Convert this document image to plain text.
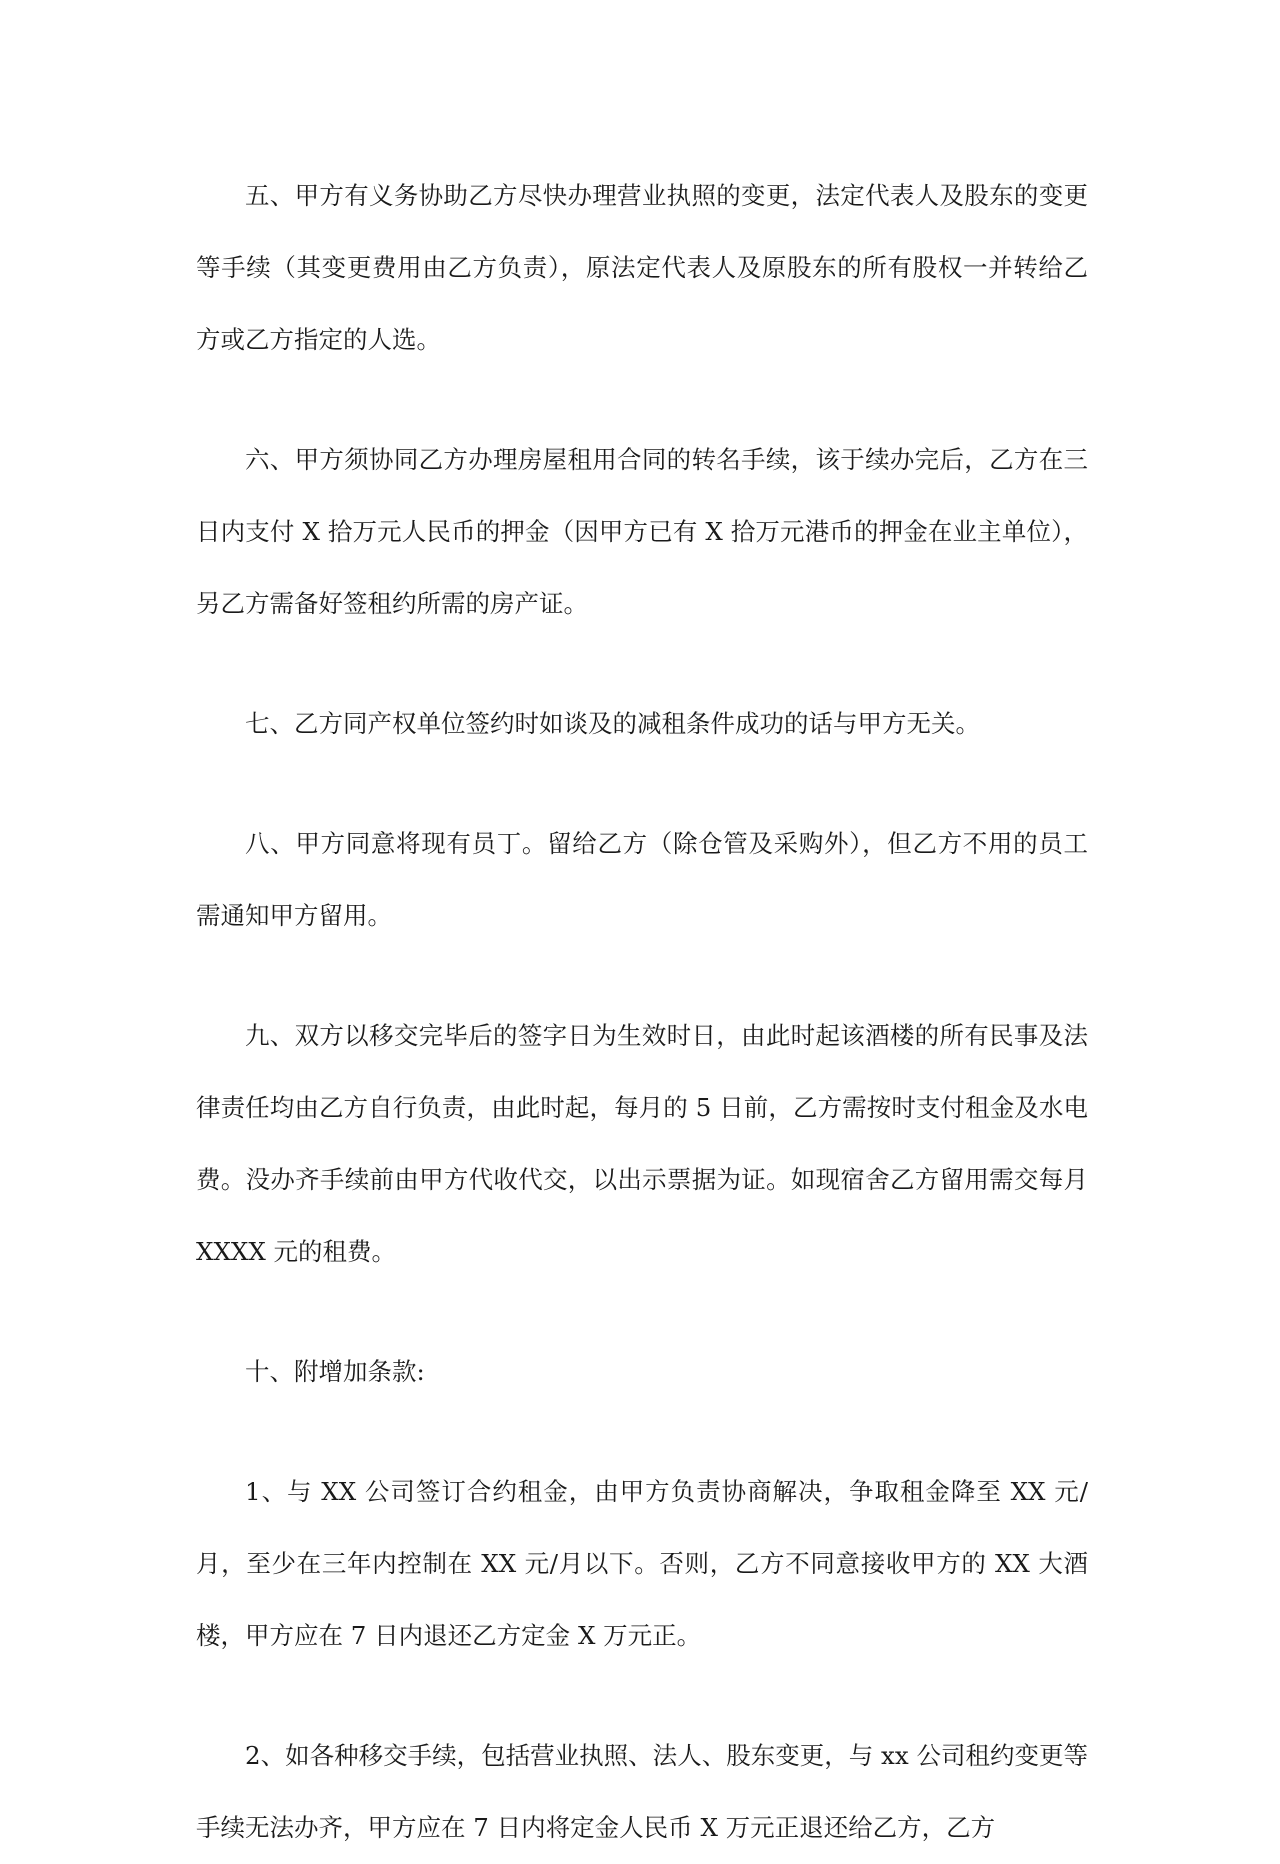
五、甲方有义务协助乙方尽快办理营业执照的变更，法定代表人及股东的变更等手续（其变更费用由乙方负责），原法定代表人及原股东的所有股权一并转给乙方或乙方指定的人选。

六、甲方须协同乙方办理房屋租用合同的转名手续，该于续办完后，乙方在三日内支付 X 拾万元人民币的押金（因甲方已有 X 拾万元港币的押金在业主单位），另乙方需备好签租约所需的房产证。

七、乙方同产权单位签约时如谈及的减租条件成功的话与甲方无关。

八、甲方同意将现有员丁。留给乙方（除仓管及采购外），但乙方不用的员工需通知甲方留用。

九、双方以移交完毕后的签字日为生效时日，由此时起该酒楼的所有民事及法律责任均由乙方自行负责，由此时起，每月的 5 日前，乙方需按时支付租金及水电费。没办齐手续前由甲方代收代交，以出示票据为证。如现宿舍乙方留用需交每月 XXXX 元的租费。

十、附增加条款:

1、与 XX 公司签订合约租金，由甲方负责协商解决，争取租金降至 XX 元/月，至少在三年内控制在 XX 元/月以下。否则，乙方不同意接收甲方的 XX 大酒楼，甲方应在 7 日内退还乙方定金 X 万元正。

2、如各种移交手续，包括营业执照、法人、股东变更，与 xx 公司租约变更等手续无法办齐，甲方应在 7 日内将定金人民币 X 万元正退还给乙方，乙方
